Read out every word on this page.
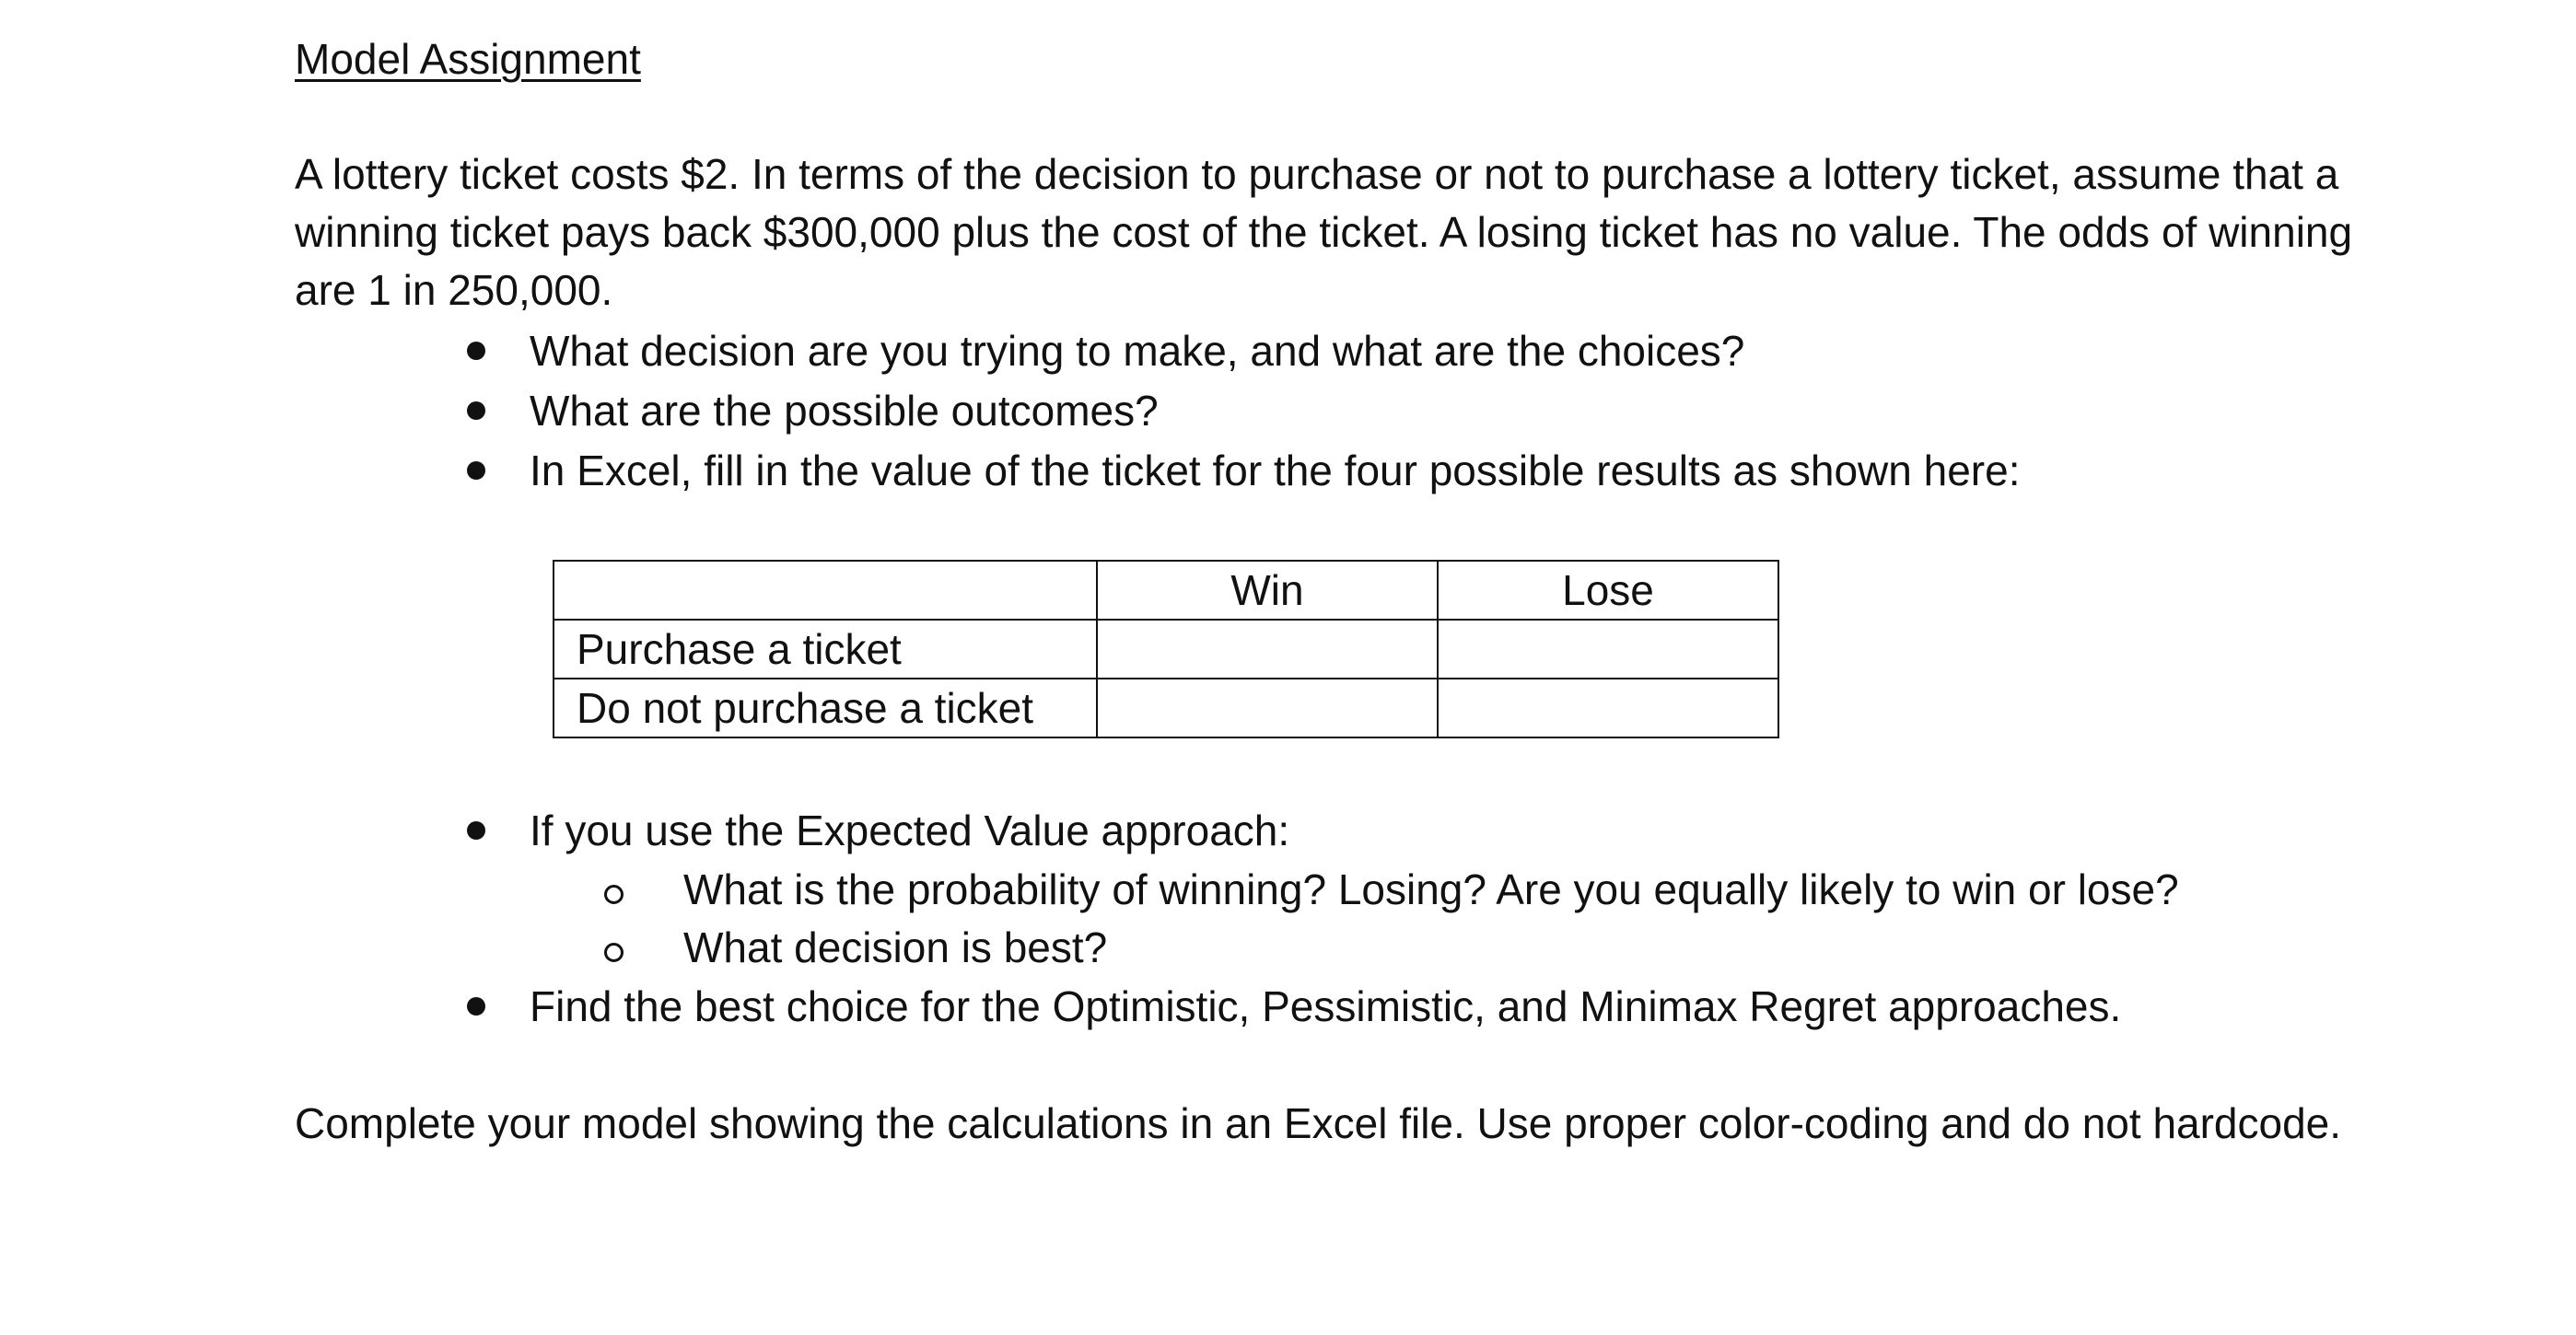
Model Assignment
A lottery ticket costs $2. In terms of the decision to purchase or not to purchase a lottery ticket, assume that a winning ticket pays back $300,000 plus the cost of the ticket. A losing ticket has no value. The odds of winning are 1 in 250,000.
What decision are you trying to make, and what are the choices?
What are the possible outcomes?
In Excel, fill in the value of the ticket for the four possible results as shown here:
	Win	Lose
Purchase a ticket		
Do not purchase a ticket		
If you use the Expected Value approach:
What is the probability of winning? Losing? Are you equally likely to win or lose?
What decision is best?
Find the best choice for the Optimistic, Pessimistic, and Minimax Regret approaches.
Complete your model showing the calculations in an Excel file. Use proper color-coding and do not hardcode.
